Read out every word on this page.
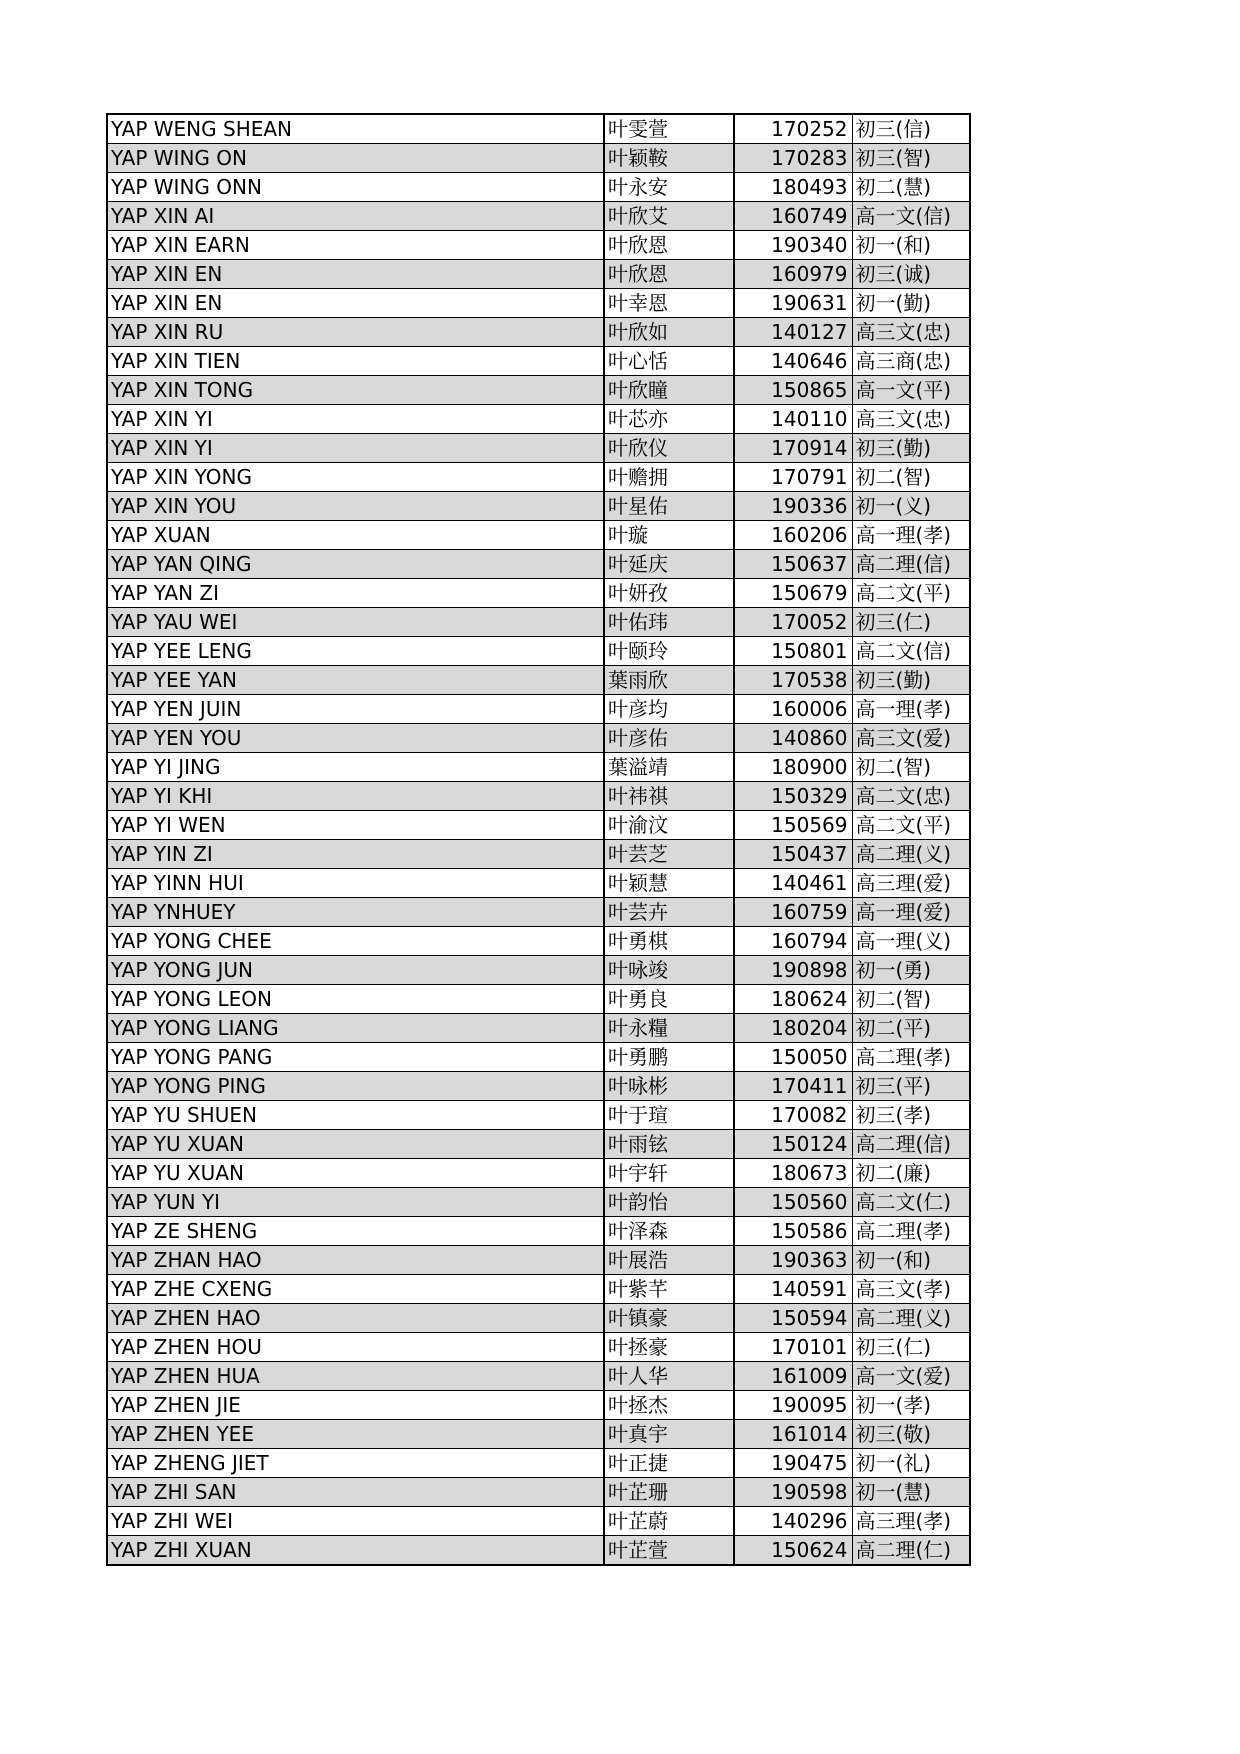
YAP WENG SHEAN	叶雯萱	170252	初三(信)
YAP WING ON	叶颖鞍	170283	初三(智)
YAP WING ONN	叶永安	180493	初二(慧)
YAP XIN AI	叶欣艾	160749	高一文(信)
YAP XIN EARN	叶欣恩	190340	初一(和)
YAP XIN EN	叶欣恩	160979	初三(诚)
YAP XIN EN	叶幸恩	190631	初一(勤)
YAP XIN RU	叶欣如	140127	高三文(忠)
YAP XIN TIEN	叶心恬	140646	高三商(忠)
YAP XIN TONG	叶欣瞳	150865	高一文(平)
YAP XIN YI	叶芯亦	140110	高三文(忠)
YAP XIN YI	叶欣仪	170914	初三(勤)
YAP XIN YONG	叶赡拥	170791	初二(智)
YAP XIN YOU	叶星佑	190336	初一(义)
YAP XUAN	叶璇	160206	高一理(孝)
YAP YAN QING	叶延庆	150637	高二理(信)
YAP YAN ZI	叶妍孜	150679	高二文(平)
YAP YAU WEI	叶佑玮	170052	初三(仁)
YAP YEE LENG	叶颐玲	150801	高二文(信)
YAP YEE YAN	葉雨欣	170538	初三(勤)
YAP YEN JUIN	叶彦均	160006	高一理(孝)
YAP YEN YOU	叶彦佑	140860	高三文(爱)
YAP YI JING	葉溢靖	180900	初二(智)
YAP YI KHI	叶祎祺	150329	高二文(忠)
YAP YI WEN	叶渝汶	150569	高二文(平)
YAP YIN ZI	叶芸芝	150437	高二理(义)
YAP YINN HUI	叶颖慧	140461	高三理(爱)
YAP YNHUEY	叶芸卉	160759	高一理(爱)
YAP YONG CHEE	叶勇棋	160794	高一理(义)
YAP YONG JUN	叶咏竣	190898	初一(勇)
YAP YONG LEON	叶勇良	180624	初二(智)
YAP YONG LIANG	叶永糧	180204	初二(平)
YAP YONG PANG	叶勇鹏	150050	高二理(孝)
YAP YONG PING	叶咏彬	170411	初三(平)
YAP YU SHUEN	叶于瑄	170082	初三(孝)
YAP YU XUAN	叶雨铉	150124	高二理(信)
YAP YU XUAN	叶宇轩	180673	初二(廉)
YAP YUN YI	叶韵怡	150560	高二文(仁)
YAP ZE SHENG	叶泽森	150586	高二理(孝)
YAP ZHAN HAO	叶展浩	190363	初一(和)
YAP ZHE CXENG	叶紫芊	140591	高三文(孝)
YAP ZHEN HAO	叶镇豪	150594	高二理(义)
YAP ZHEN HOU	叶拯豪	170101	初三(仁)
YAP ZHEN HUA	叶人华	161009	高一文(爱)
YAP ZHEN JIE	叶拯杰	190095	初一(孝)
YAP ZHEN YEE	叶真宇	161014	初三(敬)
YAP ZHENG JIET	叶正捷	190475	初一(礼)
YAP ZHI SAN	叶芷珊	190598	初一(慧)
YAP ZHI WEI	叶芷蔚	140296	高三理(孝)
YAP ZHI XUAN	叶芷萱	150624	高二理(仁)
